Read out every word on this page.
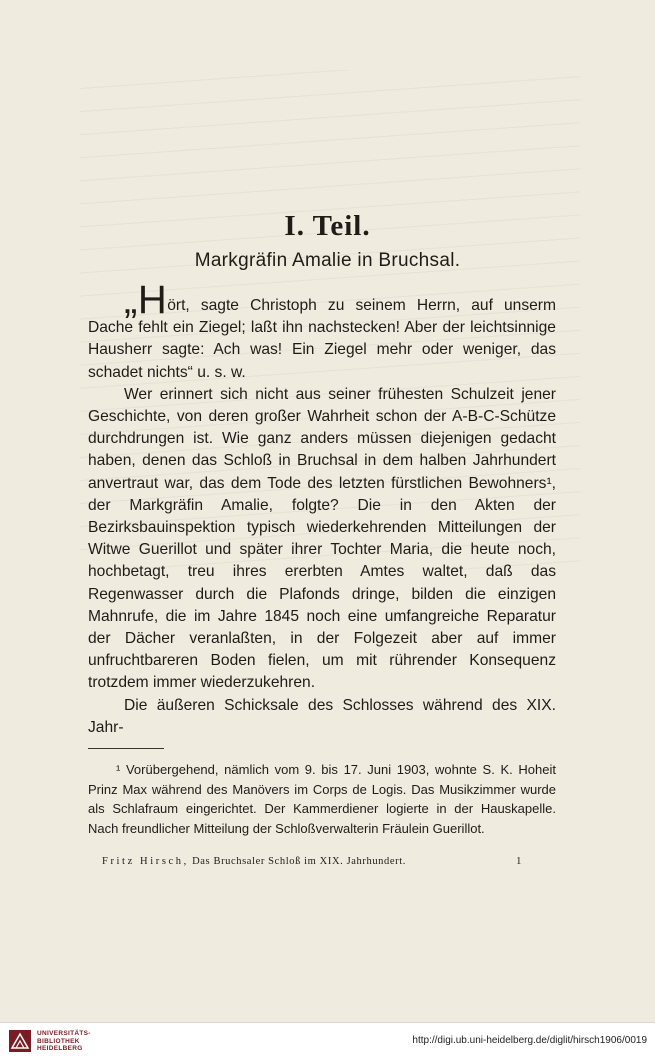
I. Teil.
Markgräfin Amalie in Bruchsal.

„Hört, sagte Christoph zu seinem Herrn, auf unserm Dache fehlt ein Ziegel; laßt ihn nachstecken! Aber der leichtsinnige Hausherr sagte: Ach was! Ein Ziegel mehr oder weniger, das schadet nichts“ u. s. w.

Wer erinnert sich nicht aus seiner frühesten Schulzeit jener Geschichte, von deren großer Wahrheit schon der A-B-C-Schütze durchdrungen ist. Wie ganz anders müssen diejenigen gedacht haben, denen das Schloß in Bruchsal in dem halben Jahrhundert anvertraut war, das dem Tode des letzten fürstlichen Bewohners¹, der Markgräfin Amalie, folgte? Die in den Akten der Bezirksbauinspektion typisch wiederkehrenden Mitteilungen der Witwe Guerillot und später ihrer Tochter Maria, die heute noch, hochbetagt, treu ihres ererbten Amtes waltet, daß das Regenwasser durch die Plafonds dringe, bilden die einzigen Mahnrufe, die im Jahre 1845 noch eine umfangreiche Reparatur der Dächer veranlaßten, in der Folgezeit aber auf immer unfruchtbareren Boden fielen, um mit rührender Konsequenz trotzdem immer wiederzukehren.

Die äußeren Schicksale des Schlosses während des XIX. Jahr-

¹ Vorübergehend, nämlich vom 9. bis 17. Juni 1903, wohnte S. K. Hoheit Prinz Max während des Manövers im Corps de Logis. Das Musikzimmer wurde als Schlafraum eingerichtet. Der Kammerdiener logierte in der Hauskapelle. Nach freundlicher Mitteilung der Schloßverwalterin Fräulein Guerillot.

Fritz Hirsch, Das Bruchsaler Schloß im XIX. Jahrhundert.	1
UNIVERSITÄTS-
BIBLIOTHEK
HEIDELBERG
http://digi.ub.uni-heidelberg.de/diglit/hirsch1906/0019
